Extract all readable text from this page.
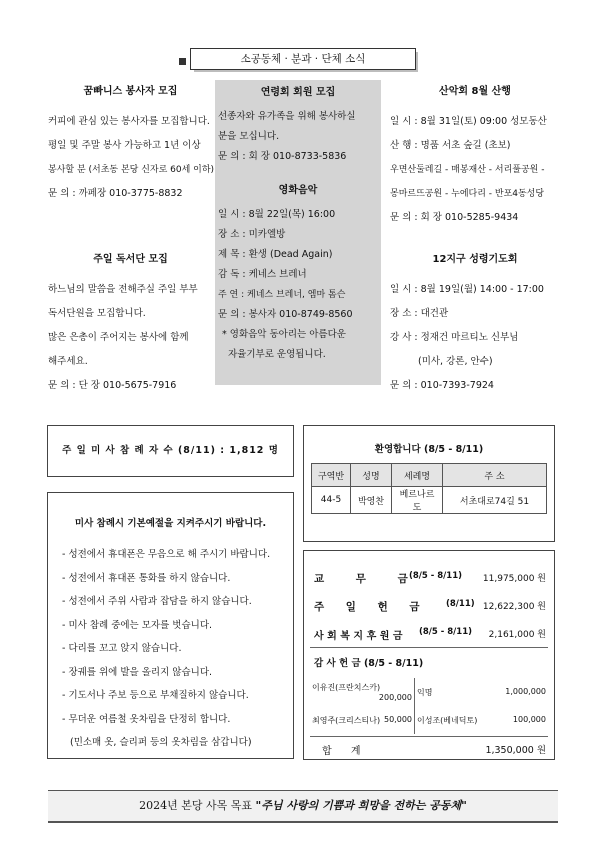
소공동체 · 분과 · 단체 소식
꿈빠니스 봉사자 모집
커피에 관심 있는 봉사자를 모집합니다.
평일 및 주말 봉사 가능하고 1년 이상
봉사할 분 (서초동 본당 신자로 60세 이하)
문 의 : 까페장 010-3775-8832
주일 독서단 모집
하느님의 말씀을 전해주실 주일 부부
독서단원을 모집합니다.
많은 은총이 주어지는 봉사에 함께
해주세요.
문 의 : 단 장 010-5675-7916
연령회 회원 모집
선종자와 유가족을 위해 봉사하실
분을 모십니다.
문 의 : 회 장 010-8733-5836
영화음악
일 시 : 8월 22일(목) 16:00
장 소 : 미카엘방
제 목 : 환생 (Dead Again)
감 독 : 케네스 브레너
주 연 : 케네스 브레너, 엠마 톰슨
문 의 : 봉사자 010-8749-8560
* 영화음악 동아리는 아름다운
자율기부로 운영됩니다.
산악회 8월 산행
일 시 : 8월 31일(토) 09:00 성모동산
산 행 : 명품 서초 숲길 (초보)
우면산둘레길 - 매봉재산 - 서리풀공원 -
몽마르뜨공원 - 누에다리 - 반포4동성당
문 의 : 회 장 010-5285-9434
12지구 성령기도회
일 시 : 8월 19일(월) 14:00 - 17:00
장 소 : 대건관
강 사 : 정재건 마르티노 신부님
(미사, 강론, 안수)
문 의 : 010-7393-7924
주 일 미 사 참 례 자 수 (8/11) : 1,812 명	환영합니다 (8/5 - 8/11)
구역반	성명	세례명	주 소
44-5	박영찬	베르나르도	서초대로74길 51
미사 참례시 기본예절을 지켜주시기 바랍니다.
- 성전에서 휴대폰은 무음으로 해 주시기 바랍니다.
- 성전에서 휴대폰 통화를 하지 않습니다.
- 성전에서 주위 사람과 잡담을 하지 않습니다.
- 미사 참례 중에는 모자를 벗습니다.
- 다리를 꼬고 앉지 않습니다.
- 장궤를 위에 발을 올리지 않습니다.
- 기도서나 주보 등으로 부채질하지 않습니다.
- 무더운 여름철 옷차림을 단정히 합니다.
(민소매 옷, 슬리퍼 등의 옷차림을 삼갑니다)
교 무 금
(8/5 - 8/11) 11,975,000 원
주 일 헌 금 (8/11) 12,622,300 원
사 회 복 지 후 원 금 (8/5 - 8/11) 2,161,000 원
감 사 헌 금 (8/5 - 8/11)
이유진(프란치스카)
200,000	익명 1,000,000

최영주(크리스티나) 50,000	이성조(베네딕토) 100,000
합 계	1,350,000 원
2024년 본당 사목 목표 "주님 사랑의 기쁨과 희망을 전하는 공동체"
